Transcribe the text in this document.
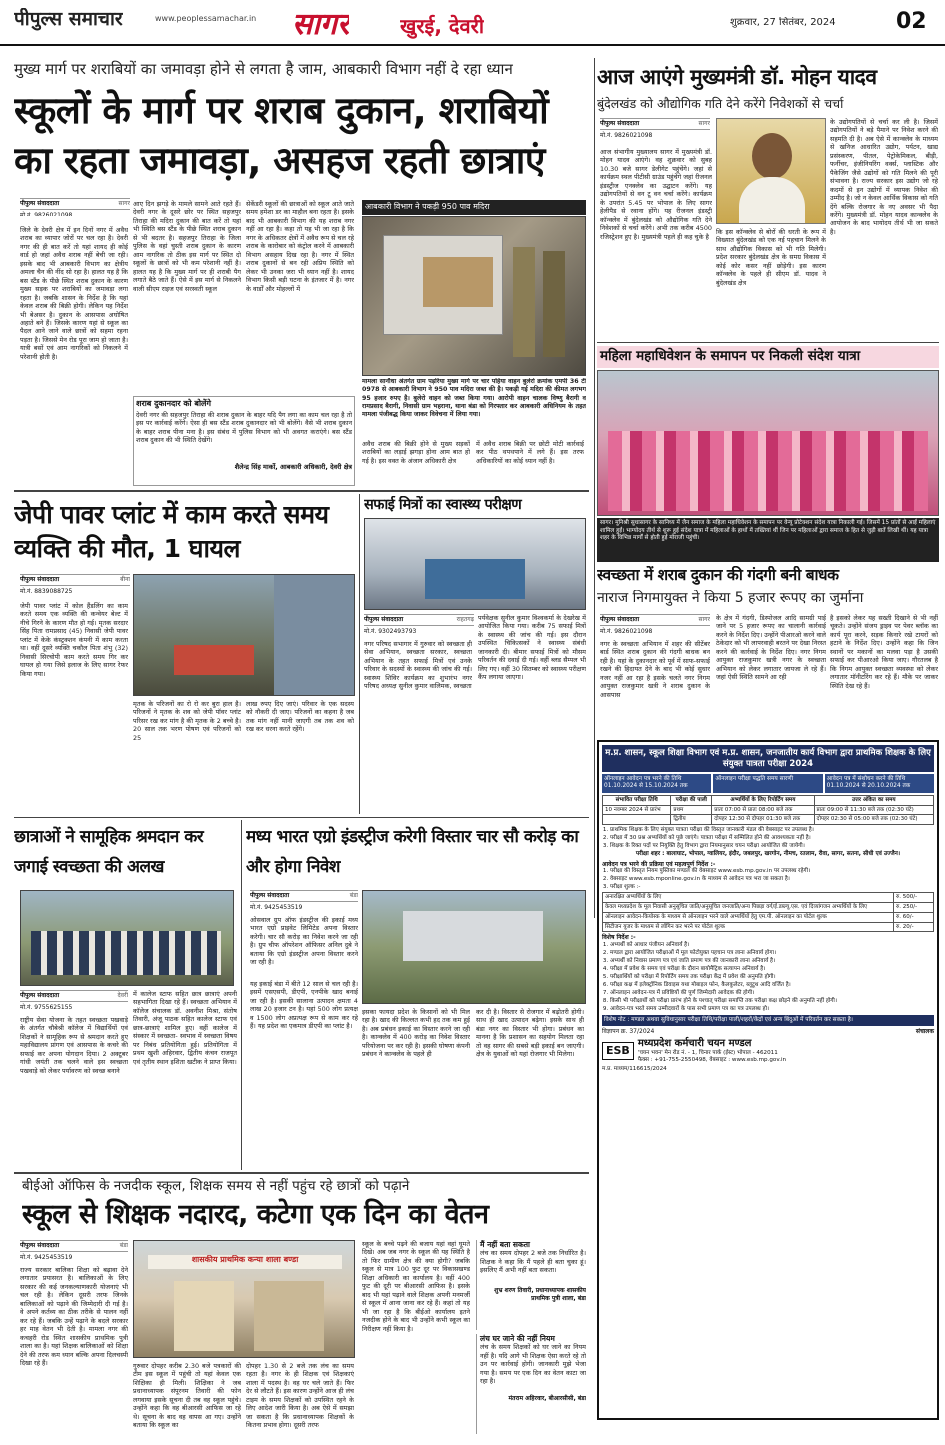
पीपुल्स समाचार	www.peoplessamachar.in सागर	खुरई, देवरी	शुक्रवार, 27 सितंबर, 2024	02
मुख्य मार्ग पर शराबियों का जमावड़ा होने से लगता है जाम, आबकारी विभाग नहीं दे रहा ध्यान
स्कूलों के मार्ग पर शराब दुकान, शराबियों का रहता जमावड़ा, असहज रहती छात्राएं
पीपुल्स संवाददाता	सागर
मो.नं. 9826021098
जिले के देवरी क्षेत्र में इन दिनों नगर में अवैध शराब का व्यापार जोरों पर चल रहा है। देवरी नगर की ही बात करें तो यहां शायद ही कोई वार्ड हो जहां अवैध शराब नहीं बेची जा रही। इसके बाद भी आबकारी विभाग का क्षेत्रीय अमला चैन की नींद सो रहा है। हालत यह है कि बस स्टैंड के पीछे स्थित शराब दुकान के कारण मुख्य सड़क पर शराबियों का जमावड़ा लगा रहता है। जबकि शासन के निर्देश है कि यहां केवल शराब की बिक्री होगी। लेकिन यह निर्देश भी बेअसर है। दुकान के आसपास अघोषित अहाते बने हैं। जिसके कारण यहां से स्कूल का पैदल आने जाने वाले छात्रों को सहमा रहना पड़ता है। जिससे मेन रोड पूरा जाम हो जाता है। यात्री बसों एवं आम नागरिकों को निकलने में परेशानी होती है।
आए दिन झगड़े के मामले सामने आते रहते हैं। देवरी नगर के दूसरे छोर पर स्थित सहजपुर तिराहा की मदिरा दुकान की बात करें तो यहां भी स्थिति बस स्टैंड के पीछे स्थित शराब दुकान से भी बदतर है। सहजपुर तिराहा के जिला पुलिस के वहां चुस्ती शराब दुकान के कारण आम नागरिक तो ठीक इस मार्ग पर स्थित दो स्कूलों के छात्रों को भी कम परेशानी नहीं है। हालत यह है कि मुख्य मार्ग पर ही शराबी पैग लगाते बैठे जाते हैं। ऐसे में इस मार्ग से निकलने वाली सीएम राइज एवं सरस्वती स्कूल
सेकेंडरी स्कूलों की छात्राओं को स्कूल आते जाते समय हमेशा डर का माहौल बना रहता है। इसके बाद भी आबकारी विभाग की यह शराब नगर नहीं आ रहा है। कहा तो यह भी जा रहा है कि नगर के अधिकतर क्षेत्रों में अवैध रूप से चल रहे शराब के कारोबार को कंट्रोल करने में आबकारी विभाग असहाय दिख रहा है। नगर में स्थित शराब दुकानों से बन रही अप्रिय स्थिति को लेकर भी उनका जरा भी ध्यान नहीं है। शायद विभाग किसी बड़ी घटना के इंतजार में है। नगर के वार्डों और मोहल्लों में
शराब दुकानदार को बोलेंगे
देवरी नगर की सहजपुर तिराहा की शराब दुकान के बाहर यदि पैग लगा का काम चल रहा है तो इस पर कार्रवाई करेंगे। ऐसा ही बस स्टैंड शराब दुकानदार को भी बोलेंगे। वैसे भी शराब दुकान के बाहर शराब पीना मना है। इस संबंध में पुलिस विभाग को भी अवगत कराएंगे। बस स्टैंड शराब दुकान की भी स्थिति देखेंगे।
शैलेन्द्र सिंह मार्को, आबकारी अधिकारी, देवरी क्षेत्र
आबकारी विभाग ने पकड़ी 950 पाव मदिरा
मामला सानौधा अंतर्गत ग्राम पड़रिया मुख्य मार्ग पर चार पहिया वाहन बुलेरो क्रमांक एमपी 36 टी 0978 से आबकारी विभाग ने 950 पाव मदिरा जब्त की है। पकड़ी गई मदिरा की कीमत लगभग 95 हजार रुपए है। बुलेरो वाहन को जब्त किया गया। आरोपी वाहन चालक विष्णु बैरागी व रामप्रसाद बैरागी, निवासी ग्राम भहराना, थाना बंडा को गिरफ्तार कर आबकारी अधिनियम के तहत मामला पंजीबद्ध किया जाकर विवेचना में लिया गया।
अवैध शराब की बिक्री होने से मुख्य सड़कों शराबियों का लड़ाई झगड़ा होना आम बात हो गई है। इस वक्त के अंजान अधिकारी क्षेत्र
में अवैध शराब बिक्री पर छोटी मोटी कार्रवाई कर पीठ थपथपाने में लगे हैं। इस तरफ अधिकारियों का कोई ध्यान नहीं है।
आज आएंगे मुख्यमंत्री डॉ. मोहन यादव
बुंदेलखंड को औद्योगिक गति देने करेंगे निवेशकों से चर्चा
पीपुल्स संवाददाता	सागर
मो.नं. 9826021098
आज संभागीय मुख्यालय सागर में मुख्यमंत्री डॉ. मोहन यादव आएंगे। वह शुक्रवार को सुबह 10.30 बजे सागर डेलीगेट पहुंचेंगे। जहां से कार्यक्रम स्थल पीटीसी ग्राउंड पहुंचेंगे जहां रीजनल इंडस्ट्रीज एनक्लेव का उद्घाटन करेंगे। यह उद्योगपतियों से वन टू वन चर्चा करेंगे। कार्यक्रम के उपरांत 5.45 पर भोपाल के लिए सागर हेलीपैड से रवाना होंगे। यह रीजनल इंडस्ट्री कॉन्क्लेव में बुंदेलखंड को औद्योगिक गति देने निवेशकों से चर्चा करेंगे। अभी तक करीब 4500 रजिस्ट्रेशन हुए है। मुख्यमंत्री पहले ही कह चुके है
कि इस कॉन्क्लेव से बोरों की धरती के रूप में विख्यात बुंदेलखंड को एक नई पहचान मिलने के साथ औद्योगिक विकास को भी गति मिलेगी। प्रदेश सरकार बुंदेलखंड क्षेत्र के समग्र विकास में कोई कोर कसर नहीं छोड़ेगी। इस कारण कॉन्क्लेव के पहले ही सीएम डॉ. यादव ने बुंदेलखंड क्षेत्र
के उद्योगपतियों से चर्चा कर ली है। जिसमें उद्योगपतियों ने बड़े पैमाने पर निवेश करने की सहमति दी है। अब ऐसे में कान्क्लेव के माध्यम से खनिज आधारित उद्योग, पर्यटन, खाद्य प्रसंस्करण, पीतल, पेट्रोकेमिकल, बीड़ी, फर्नीचर, इंजीनियरिंग वर्क्स, प्लास्टिक और पैकेजिंग जैसे उद्योगों को गति मिलने की पूरी संभावना है। राज्य सरकार इस उद्योग जो रहे कदमों से इन उद्योगों में व्यापक निवेश की उम्मीद है। जो न केवल आर्थिक विकास को गति देंगे बल्कि रोजगार के नए अवसर भी पैदा करेंगे। मुख्यमंत्री डॉ. मोहन यादव कान्क्लेव के आयोजन के बाद भायोदय तीर्थ भी जा सकते है।
महिला महाधिवेशन के समापन पर निकली संदेश यात्रा
सागर। मुनिश्री सुधासागर के सानिध्य में जैन समाज के महिला महाधिवेशन के समापन पर वेन्यू प्रोटेक्शन संदेश यात्रा निकाली गई। जिसमें 15 प्रांतों से आईं महिलाएं शामिल हुईं। भाग्योदय तीर्थ से शुरू हुई संदेश यात्रा में महिलाओं के हाथों में तख्तियां थीं जिन पर महिलाओं द्वारा समाज के हित से जुड़ी बातें लिखी थीं। यह यात्रा शहर के विभिन्न मार्गों से होती हुई मोराजी पहुंची।
जेपी पावर प्लांट में काम करते समय व्यक्ति की मौत, 1 घायल
पीपुल्स संवाददाता	बीना
मो.नं. 8839088725
जेपी पावर प्लांट में कोल हैंडलिंग का काम करते समय एक व्यक्ति की कन्वेयर बेल्ट में नीचे गिरने के कारण मौत हो गई। मृतक सरदार सिंह पिता रामप्रसाद (45) निवासी जेपी पावर प्लांट में केके कंस्ट्रक्शन कंपनी में काम करता था। वहीं दूसरे व्यक्ति चकौल पिता शंभु (32) निवासी सिरचोपी काम करते समय गिर कर घायल हो गया जिसे इलाज के लिए सागर रेफर किया गया।
मृतक के परिजनों का रो रो कर बुरा हाल है। परिजनों ने मृतक के शव को जेपी पॉवर प्लांट परिसर रख कर मांग है की मृतक के 2 बच्चे है। 20 साल तक भरण पोषण एवं परिजनों को 25
लाख रुपए दिए जाएं। परिवार के एक सदस्य को नौकरी दी जाए। परिजनों का कहना है जब तक मांग नहीं मानी जाएगी तब तक शव को रख कर धरना करते रहेंगे।
सफाई मित्रों का स्वास्थ्य परीक्षण
पीपुल्स संवाददाता	राहतगढ़
मो.नं. 9302493793
नगर परिषद सभागार में गुरुवार को स्वच्छता ही सेवा अभियान, स्वच्छता सरकार, स्वच्छता अभियान के तहत सफाई मित्रों एवं उनके परिवार के सदस्यों के स्वास्थ्य की जांच की गई। स्वास्थ्य शिविर कार्यक्रम का शुभारंभ नगर परिषद अध्यक्ष सुनील कुमार वालिमक, स्वच्छता
पर्यवेक्षक सुनील कुमार विश्वकर्मा के देखरेख में आयोजित किया गया। करीब 75 सफाई मित्रों के स्वास्थ्य की जांच की गई। इस दौरान उपस्थित चिकित्सकों ने स्वास्थ्य संबंधी जानकारी दी। बीमार सफाई मित्रों को मौसम परिवर्तन की दवाई दी गई। वहीं ब्लड सैम्पल भी लिए गए। वहीं 30 सितम्बर को स्वास्थ्य परीक्षण कैंप लगाया जाएगा।
स्वच्छता में शराब दुकान की गंदगी बनी बाधक
नाराज निगमायुक्त ने किया 5 हजार रूपए का जुर्माना
पीपुल्स संवाददाता	सागर
मो.नं. 9826021098
नगर के स्वच्छता अभियान में शहर की सीटेंबर बार्ड स्थित शराब दुकान की गंदगी बाधक बन रही है। यहां के दुकानदार को पूर्व में साफ-सफाई रखने की हिदायत देने के बाद भी कोई सुधार नजर नहीं आ रहा है इसके चलते नगर निगम आयुक्त राजकुमार खत्री ने शराब दुकान के आसपास
के क्षेत्र में गंदगी, डिस्पोजल आदि सामग्री पाई जाने पर 5 हजार रूपए का चालानी कार्रवाई करने के निर्देश दिए। उन्होंने पीआरओ करने वाले ठेकेदार को भी लापरवाही बरतने पर देखा निरस्त करने की कार्रवाई के निर्देश दिए। नगर निगम आयुक्त राजकुमार खत्री नगर के स्वच्छता अभियान को लेकर लगातार जायजा ले रहे हैं। जहां ऐसी स्थिति सामने आ रही
है इसको लेकर यह सख्ती दिखाने से भी नहीं चूकते। उन्होंने संजय ड्राइव पर पेवर ब्लॉक का कार्य पूरा करने, सड़क किनारे रखे टायरों को हटाने के निर्देश दिए। उन्होंने कहा कि जिन स्थानों पर मकानों का मलवा पड़ा है उसकी सफाई कर पीआरओ किया जाए। गौरतलब है कि निगम आयुक्त स्वच्छता व्यवस्था को लेकर लगातार मॉनीटरिंग कर रहे हैं। मौके पर जाकर स्थिति देख रहे हैं।
छात्राओं ने सामूहिक श्रमदान कर जगाई स्वच्छता की अलख
पीपुल्स संवाददाता	देवरी
मो.नं. 9755625155
राष्ट्रीय सेवा योजना के तहत स्वच्छता पखवाड़े के अंतर्गत चौबेश्री कॉलेज में विद्यार्थियों एवं शिक्षकों ने सामूहिक रूप से श्रमदान करते हुए महाविद्यालय प्रांगण एवं आसपास के कचरे की सफाई कर अपना योगदान दिया। 2 अक्टूबर गांधी जयंती तक चलने वाले इस स्वच्छता पखवाड़े को लेकर पर्यावरण को स्वच्छ बनाने
में कालेज स्टाफ सहित छात्र छात्राएं अपनी सहभागिता दिखा रहे हैं। स्वच्छता अभियान में कॉलेज संचालक डॉ. अवनीश मिश्रा, संतोष तिवारी, अंजू पाठक सहित कालेज स्टाफ एवं छात्र-छात्राएं शामिल हुए। वहीं कालेज में संस्कार में स्वच्छता- स्वभाव में स्वच्छता विषय पर निबंध प्रतियोगिता हुई। प्रतियोगिता में प्रथम खुशी अहिरवार, द्वितीय कंचन राजपूत एवं तृतीय स्थान इशिता खटीक ने प्राप्त किया।
मध्य भारत एग्रो इंडस्ट्रीज करेगी विस्तार चार सौ करोड़ का और होगा निवेश
पीपुल्स संवाददाता	बंडा
मो.नं. 9425453519
ओसवाल ग्रुप ऑफ इंडस्ट्रीज की इकाई मध्य भारत एग्रो प्राइवेट लिमिटेड अपना विस्तार करेगी। चार सौ करोड़ का निवेश करने जा रही है। ग्रुप चीफ ऑपरेशन ऑफिसर अनिल दुबे ने बताया कि एग्रो इंडस्ट्रीज अपना विस्तार करने जा रही है।
यह इकाई बंडा में बीते 12 साल से चल रही है। इसमें एसएसपी, डीएपी, एनपीके खाद बनाई जा रही है। इसकी सालाना उत्पादन क्षमता 4 लाख 20 हजार टन है। यहां 500 लोग प्रत्यक्ष व 1500 लोग अप्रत्यक्ष रूप से काम कर रहे हैं। यह प्रदेश का एकमात्र डीएपी का प्लांट है।
इसका फायदा प्रदेश के किसानों को भी मिल रहा है। खाद की किल्लत कभी हद तक कम हुई है। अब प्रबंधन इकाई का विस्तार करने जा रही है। कान्क्लेव में 400 करोड़ का निवेश विस्तार परियोजना पर कर रही है। इसकी घोषणा कंपनी प्रबंधन ने कान्क्लेव के पहले ही
कर दी है। विस्तार से रोजगार में बढ़ोतरी होगी। साथ ही खाद उत्पादन बढ़ेगा। इसके साथ ही बंडा नगर का विस्तार भी होगा। प्रबंधन का मानना है कि प्रशासन का सहयोग मिलता रहा तो वह सागर की सबसे बड़ी इकाई बन जाएगी। क्षेत्र के युवाओं को यहां रोजगार भी मिलेगा।
म.प्र. शासन, स्कूल शिक्षा विभाग एवं म.प्र. शासन, जनजातीय कार्य विभाग द्वारा प्राथमिक शिक्षक के लिए संयुक्त पात्रता परीक्षा 2024
ऑनलाइन आवेदन पत्र भरने की तिथि 01.10.2024 से 15.10.2024 तक
ऑनलाइन परीक्षा पद्धति समय सारणी	आवेदन पत्र में संशोधन करने की तिथि 01.10.2024 से 20.10.2024 तक
संभावित परीक्षा तिथि	परीक्षा की पाली	अभ्यर्थियों के लिए रिपोर्टिंग समय	उत्तर अंकित का समय
10 नवम्बर 2024 से प्रारंभ	प्रथम	प्रातः 07:00 से प्रातः 08:00 बजे तक	प्रातः 09:00 से 11:30 बजे तक (02:30 घंटे)
	द्वितीय	दोपहर 12:30 से दोपहर 01:30 बजे तक	दोपहर 02:30 से 05:00 बजे तक (02:30 घंटे)
1. प्राथमिक शिक्षक के लिए संयुक्त पात्रता परीक्षा की विस्तृत जानकारी मंडल की वेबसाइट पर उपलब्ध है।
2. परीक्षा में 30 प्रश्न अभ्यर्थियों को पूछे जाएंगे। पात्रता परीक्षा में सम्मिलित होने की आवश्यकता नहीं है।
3. शिक्षक के रिक्त पदों पर नियुक्ति हेतु विभाग द्वारा नियमानुसार चयन परीक्षा आयोजित की जायेगी।
परीक्षा शहर : बालाघाट, भोपाल, ग्वालियर, इंदौर, जबलपुर, खरगोन, नीमच, रतलाम, रीवा, सागर, सतना, सीधी एवं उज्जैन।
आवेदन पत्र भरने की प्रक्रिया एवं महत्वपूर्ण निर्देश :-
1. परीक्षा की विस्तृत नियम पुस्तिका मण्डल की वेबसाइट www.esb.mp.gov.in पर उपलब्ध रहेगी।
2. वेबसाइट www.esb.mponline.gov.in के माध्यम से आवेदन पत्र भरा जा सकता है।
3. परीक्षा शुल्क :-
अनारक्षित अभ्यर्थियों के लिए	रु. 500/-
केवल मध्यप्रदेश के मूल निवासी अनुसूचित जाति/अनुसूचित जनजाति/अन्य पिछड़ा वर्ग/ई.डब्ल्यू.एस. एवं दिव्यांगजन अभ्यर्थियों के लिए	रु. 250/-
ऑनलाइन आवेदन-कियोस्क के माध्यम से ऑनलाइन भरने वाले अभ्यर्थियों हेतु एम.पी. ऑनलाइन का पोर्टल शुल्क	रु. 60/-
सिटीजन यूजर के माध्यम से लॉगिन कर भरने पर पोर्टल शुल्क	रु. 20/-
विशेष निर्देश :-
1. अभ्यर्थी को आधार पंजीयन अनिवार्य है।
2. मण्डल द्वारा आयोजित परीक्षाओं में मूल फोटोयुक्त पहचान पत्र लाना अनिवार्य होगा।
3. अभ्यर्थी को निवास प्रमाण पत्र एवं जाति प्रमाण पत्र की जानकारी लाना अनिवार्य है।
4. परीक्षा में प्रवेश के समय एवं परीक्षा के दौरान बायोमैट्रिक सत्यापन अनिवार्य है।
5. परीक्षार्थियों को परीक्षा में रिपोर्टिंग समय तक परीक्षा केंद्र में प्रवेश की अनुमति होगी।
6. परीक्षा कक्ष में इलेक्ट्रॉनिक डिवाइस यथा मोबाइल फोन, कैलकुलेटर, ब्लूटूथ आदि वर्जित है।
7. ऑनलाइन आवेदन-पत्र में प्रविष्टियों की पूर्ण जिम्मेदारी आवेदक की होगी।
8. किसी भी परीक्षार्थी को परीक्षा प्रारंभ होने के पश्चात् परीक्षा समाप्ति तक परीक्षा कक्ष छोड़ने की अनुमति नहीं होगी।
9. आवेदन-पत्र भरते समय उम्मीदवारों के पास सभी प्रमाण पत्र का पत्र उपलब्ध हो।
विशेष नोट : मण्डल अथवा सुविधानुसार परीक्षा तिथि/परीक्षा पाली/शहरों/केंद्रों एवं अन्य बिंदुओं में परिवर्तन कर सकता है।
विज्ञापन क्र. 37/2024	संचालक
ESB
मध्यप्रदेश कर्मचारी चयन मण्डल
'चयन भवन' मेन रोड नं. - 1, चिनार पार्क (ईस्ट) भोपाल - 462011
फैक्स : +91-755-2550498, वेबसाइट : www.esb.mp.gov.in
म.प्र. माध्यम/116615/2024
बीईओ ऑफिस के नजदीक स्कूल, शिक्षक समय से नहीं पहुंच रहे छात्रों को पढ़ाने
स्कूल से शिक्षक नदारद, कटेगा एक दिन का वेतन
पीपुल्स संवाददाता	बंडा
मो.नं. 9425453519
राज्य सरकार बालिका शिक्षा को बढ़ावा देने लगातार प्रयासरत है। बालिकाओं के लिए सरकार की कई जनकल्याणकारी योजनाएं भी चल रही है। लेकिन दूसरी तरफ जिनके बालिकाओं को पढ़ाने की जिम्मेदारी दी गई है। वे अपने कर्तव्य का ठीक तरीके से पालन नहीं कर रहे हैं। जबकि उन्हें पढ़ाने के बदले सरकार हर माह वेतन भी देती है। मामला नगर की कचहरी रोड स्थित शासकीय प्राथमिक पुत्री शाला का है। यहां शिक्षक बालिकाओं को शिक्षा देने की तरफ कम ध्यान बल्कि अपना दिलचस्पी दिखा रहे हैं।
शासकीय प्राथमिक कन्या शाला बण्डा
गुरुवार दोपहर करीब 2.30 बजे पत्रकारों की टीम इस स्कूल में पहुंची तो यहां केवल एक शिक्षिका ही मिली। शिक्षिका ने जब प्रधानाध्यापक संपूरनम तिवारी की फोन लगवाया इसके सूचना दी तब वह स्कूल पहुंचे। उन्होंने कहा कि वह बीआरसी आफिस जा रहे थे। सूचना के बाद वह वापस आ गए। उन्होंने बताया कि स्कूल का
दोपहर 1.30 से 2 बजे तक लंच का समय रहता है। नगर के ही शिक्षक एवं शिक्षकाएं शाला में पदस्थ है। वह घर चले जाते हैं। फिर देर से लौटते हैं। इस कारण उन्होंने आज ही लंच टाइम के समय शिक्षकों को उपस्थित रहने के लिए आदेश जारी किया है। अब ऐसे में समझा जा सकता है कि प्रधानाध्यापक शिक्षकों के कितना प्रभाव होगा। दूसरी तरफ
स्कूल के बच्चे पढ़ने की बजाय यहां वहां घूमते दिखे। अब जब नगर के स्कूल की यह स्थिति है तो फिर ग्रामीण क्षेत्र की क्या होगी? जबकि स्कूल से मात्र 100 फुट दूर पर विकासखण्ड शिक्षा अधिकारी का कार्यालय है। वहीं 400 फुट की दूरी पर बीआरसी आफिस है। इसके बाद भी यहां पढ़ाने वाले शिक्षक अपनी मनमर्जी से स्कूल में आना जाना कर रहे हैं। कहां तो यह भी जा रहा है कि बीईओ कार्यालय इतने नजदीक होने के बाद भी उन्होंने कभी स्कूल का निरीक्षण नहीं किया है।
मैं नहीं बता सकता
लंच का समय दोपहर 2 बजे तक निर्धारित है। शिक्षक ने कहा कि मैं पहले ही बता चुका हूं। इसलिए मैं अभी नहीं बता सकता।
शुभ्र शरण तिवारी, प्रधानाध्यापक शासकीय प्राथमिक पुत्री शाला, बंडा
लंच घर जाने की नहीं नियम
लंच के समय शिक्षकों को घर जाने का नियम नहीं है। यदि आगे भी शिक्षक ऐसा करते रहे तो उन पर कार्रवाई होगी। जानकारी मुझे भेजा गया है। समय पर एक दिन का वेतन काटा जा रहा है।
मंतराम अहिरवार, बीआरसीसी, बंडा
